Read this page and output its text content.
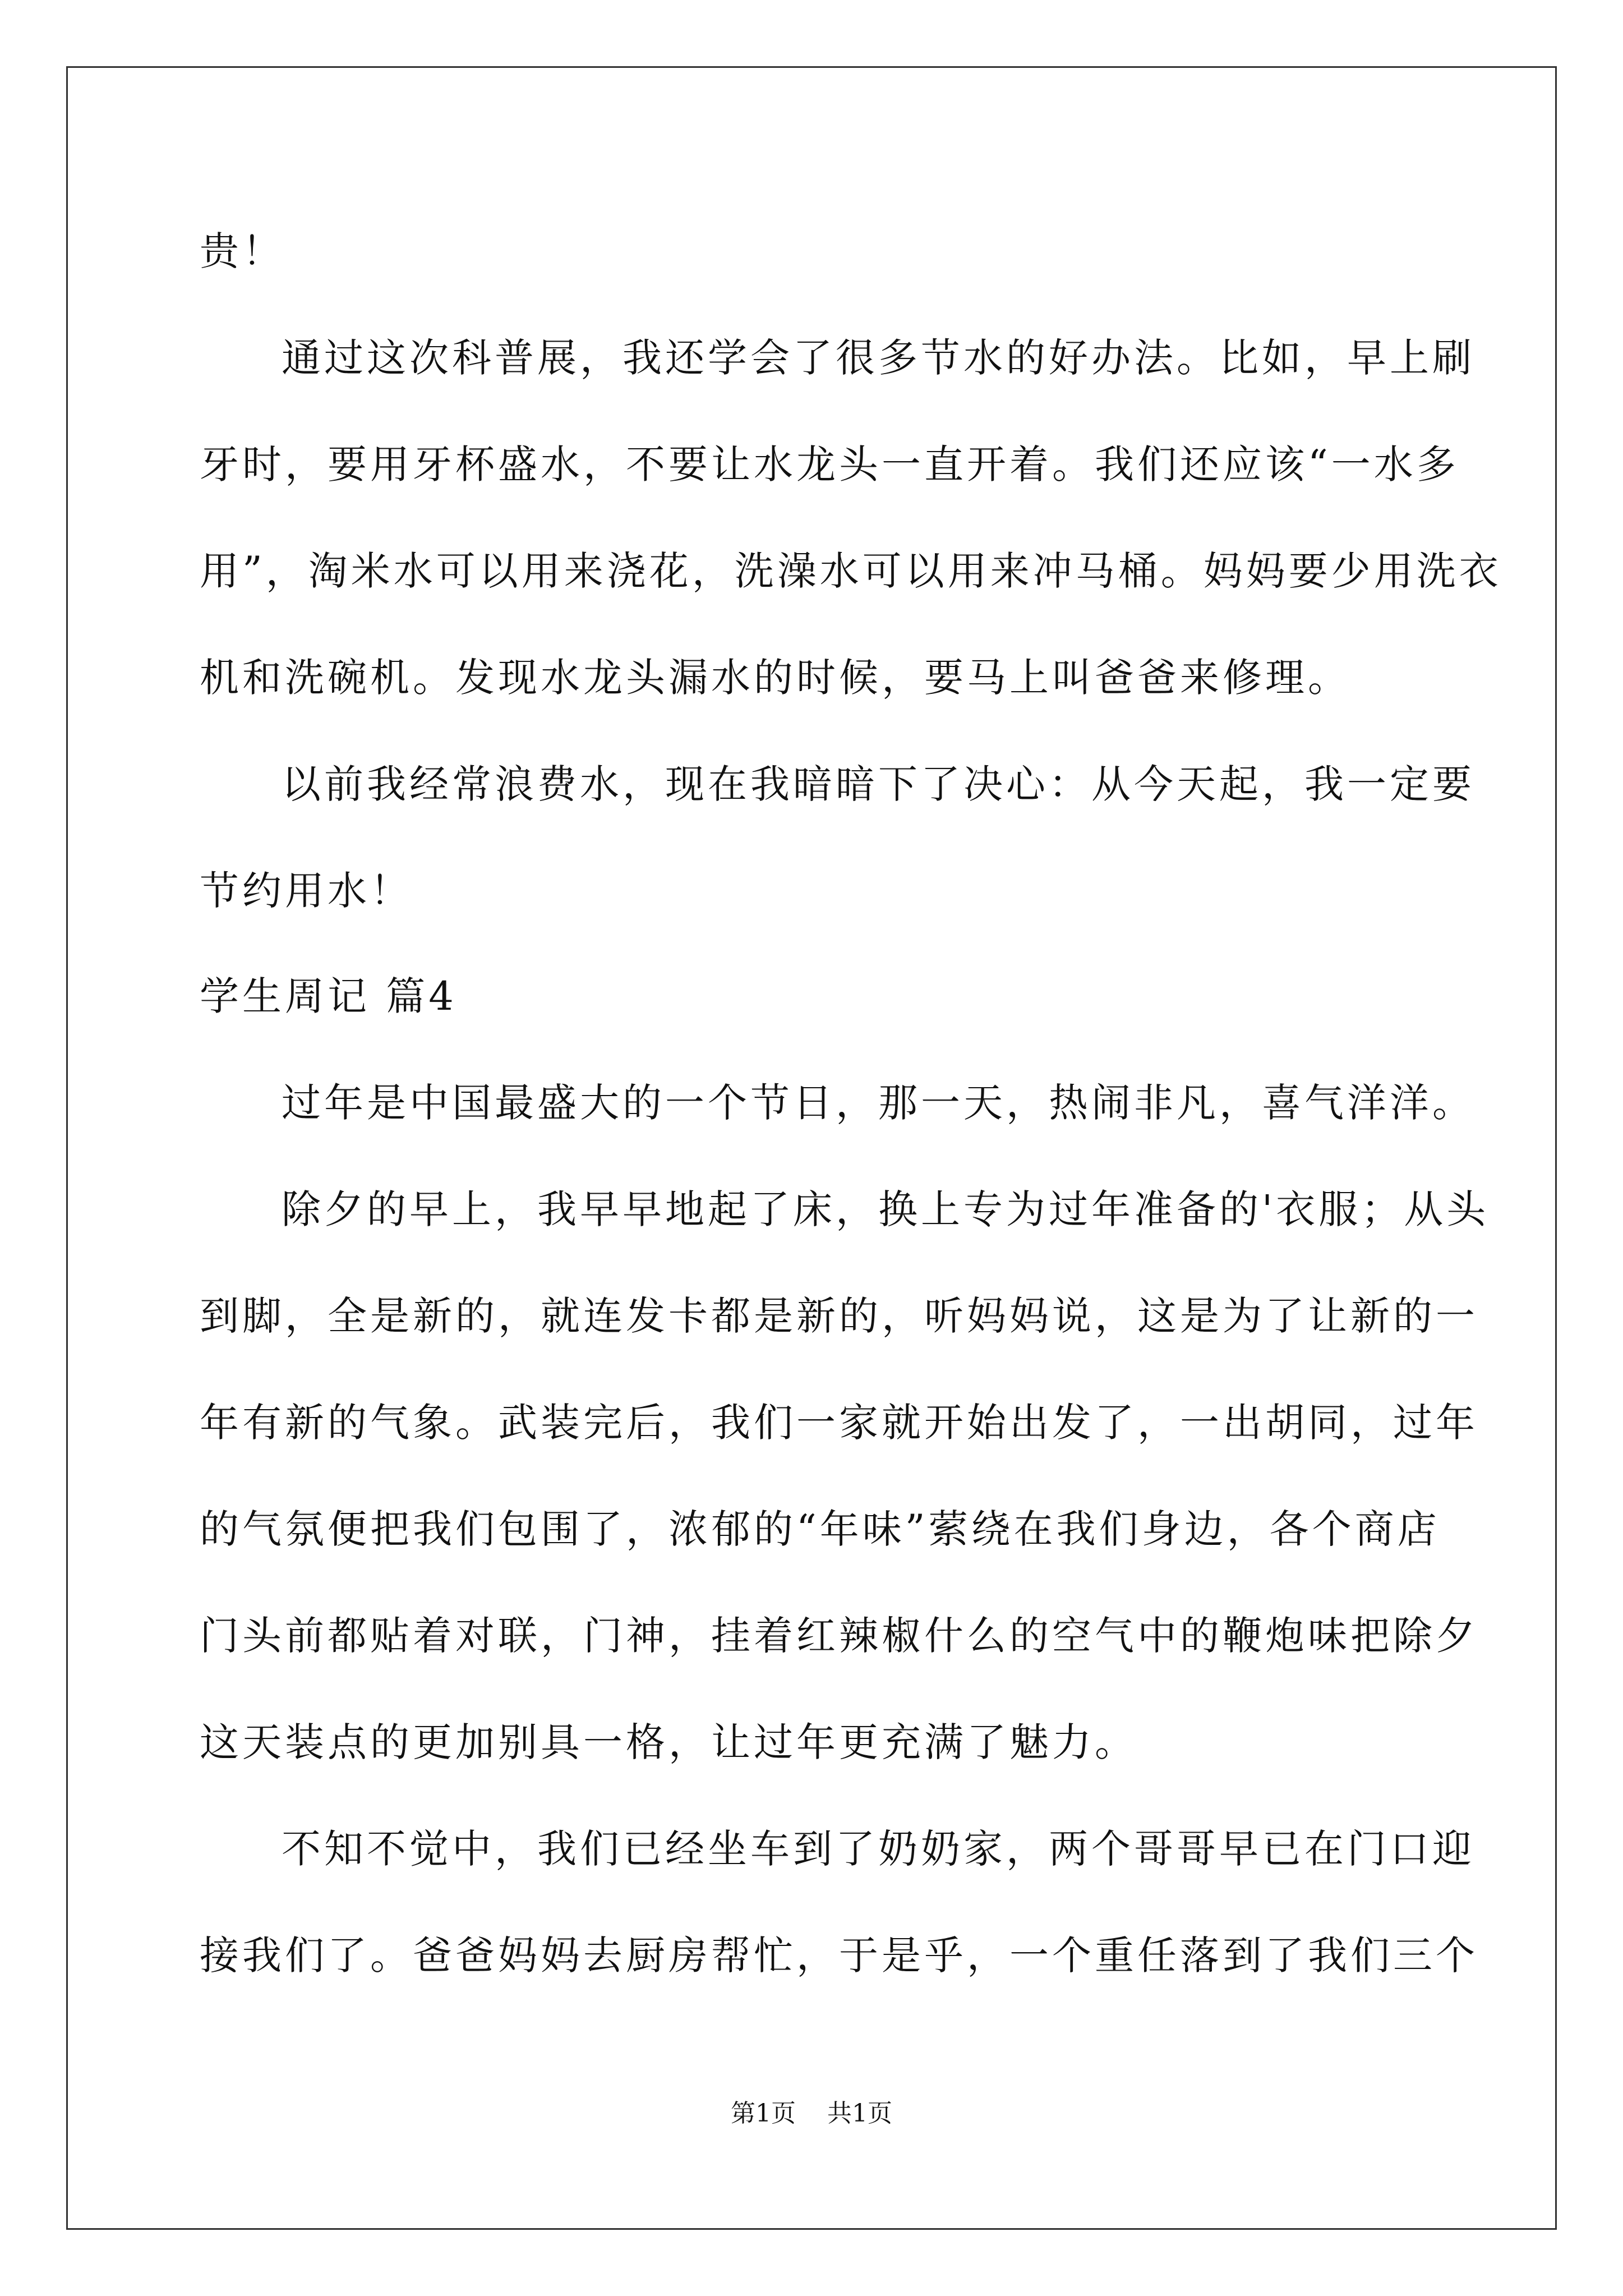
贵！
通过这次科普展，我还学会了很多节水的好办法。比如，早上刷
牙时，要用牙杯盛水，不要让水龙头一直开着。我们还应该“一水多
用”，淘米水可以用来浇花，洗澡水可以用来冲马桶。妈妈要少用洗衣
机和洗碗机。发现水龙头漏水的时候，要马上叫爸爸来修理。
以前我经常浪费水，现在我暗暗下了决心：从今天起，我一定要
节约用水！
学生周记 篇4
过年是中国最盛大的一个节日，那一天，热闹非凡，喜气洋洋。
除夕的早上，我早早地起了床，换上专为过年准备的'衣服；从头
到脚，全是新的，就连发卡都是新的，听妈妈说，这是为了让新的一
年有新的气象。武装完后，我们一家就开始出发了，一出胡同，过年
的气氛便把我们包围了，浓郁的“年味”萦绕在我们身边，各个商店
门头前都贴着对联，门神，挂着红辣椒什么的空气中的鞭炮味把除夕
这天装点的更加别具一格，让过年更充满了魅力。
不知不觉中，我们已经坐车到了奶奶家，两个哥哥早已在门口迎
接我们了。爸爸妈妈去厨房帮忙，于是乎，一个重任落到了我们三个
第1页 共1页
